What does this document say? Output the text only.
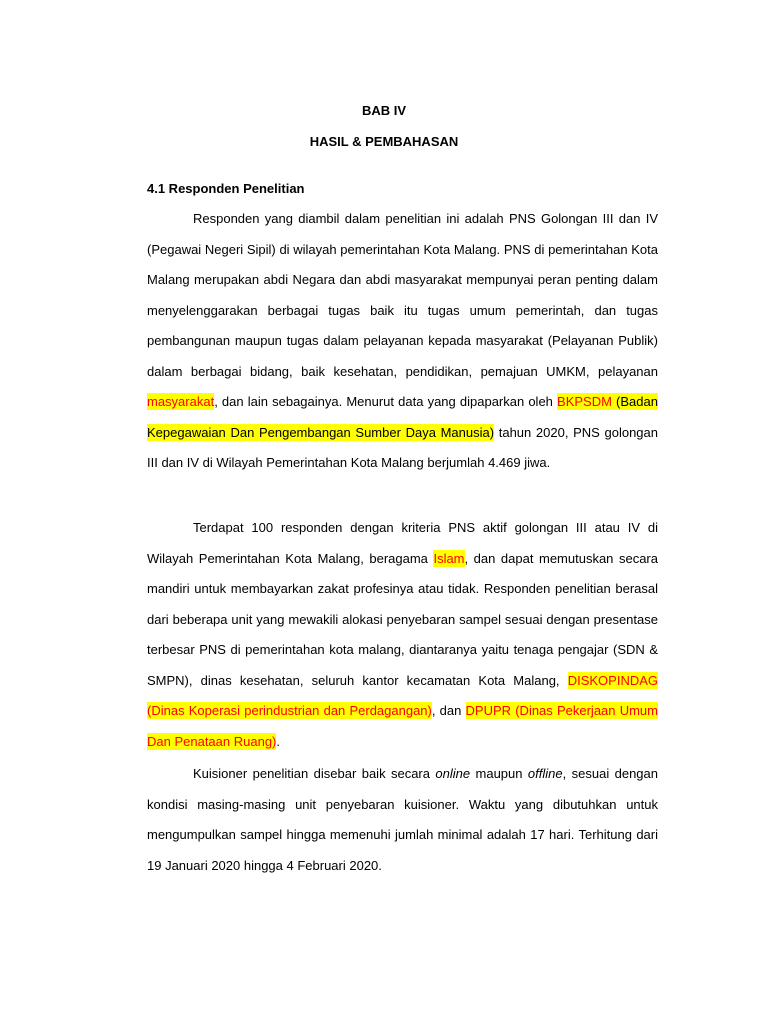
BAB IV
HASIL & PEMBAHASAN
4.1 Responden Penelitian

Responden yang diambil dalam penelitian ini adalah PNS Golongan III dan IV (Pegawai Negeri Sipil) di wilayah pemerintahan Kota Malang. PNS di pemerintahan Kota Malang merupakan abdi Negara dan abdi masyarakat mempunyai peran penting dalam menyelenggarakan berbagai tugas baik itu tugas umum pemerintah, dan tugas pembangunan maupun tugas dalam pelayanan kepada masyarakat (Pelayanan Publik) dalam berbagai bidang, baik kesehatan, pendidikan, pemajuan UMKM, pelayanan masyarakat, dan lain sebagainya. Menurut data yang dipaparkan oleh BKPSDM (Badan Kepegawaian Dan Pengembangan Sumber Daya Manusia) tahun 2020, PNS golongan III dan IV di Wilayah Pemerintahan Kota Malang berjumlah 4.469 jiwa.

Terdapat 100 responden dengan kriteria PNS aktif golongan III atau IV di Wilayah Pemerintahan Kota Malang, beragama Islam, dan dapat memutuskan secara mandiri untuk membayarkan zakat profesinya atau tidak. Responden penelitian berasal dari beberapa unit yang mewakili alokasi penyebaran sampel sesuai dengan presentase terbesar PNS di pemerintahan kota malang, diantaranya yaitu tenaga pengajar (SDN & SMPN), dinas kesehatan, seluruh kantor kecamatan Kota Malang, DISKOPINDAG (Dinas Koperasi perindustrian dan Perdagangan), dan DPUPR (Dinas Pekerjaan Umum Dan Penataan Ruang).

Kuisioner penelitian disebar baik secara online maupun offline, sesuai dengan kondisi masing-masing unit penyebaran kuisioner. Waktu yang dibutuhkan untuk mengumpulkan sampel hingga memenuhi jumlah minimal adalah 17 hari. Terhitung dari 19 Januari 2020 hingga 4 Februari 2020.
